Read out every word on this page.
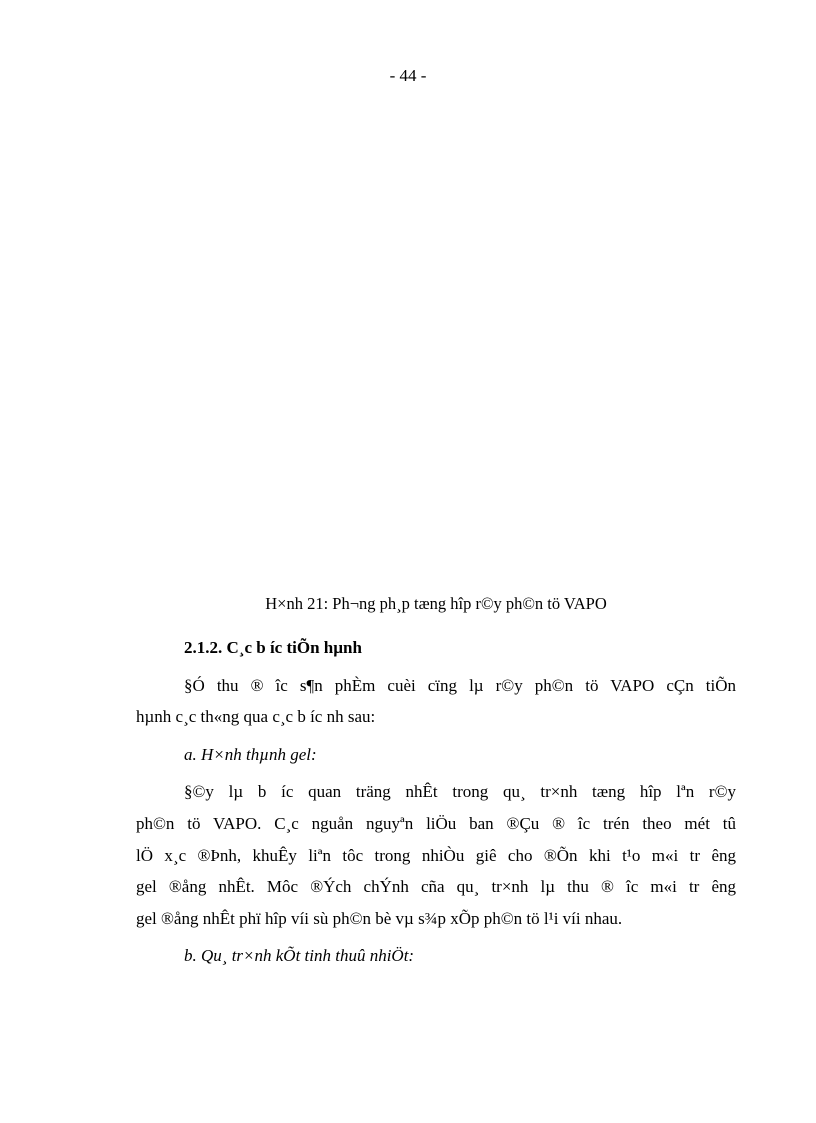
- 44 -
H×nh 21: Ph¬ng ph¸p tæng hîp r©y ph©n tö VAPO
2.1.2. C¸c b íc tiÕn hµnh
§Ó thu ® îc s¶n phÈm cuèi cïng lµ r©y ph©n tö VAPO cÇn tiÕn
hµnh c¸c th«ng qua c¸c b íc nh sau:
a. H×nh thµnh gel:
§©y lµ b íc quan träng nhÊt trong qu¸ tr×nh tæng hîp lªn r©y
ph©n tö VAPO. C¸c nguån nguyªn liÖu ban ®Çu ® îc trén theo mét tû
lÖ x¸c ®Þnh, khuÊy liªn tôc trong nhiÒu giê cho ®Õn khi t¹o m«i tr êng
gel ®ång nhÊt. Môc ®Ých chÝnh cña qu¸ tr×nh lµ thu ® îc m«i tr êng
gel ®ång nhÊt phï hîp víi sù ph©n bè vµ s¾p xÕp ph©n tö l¹i víi nhau.
b. Qu¸ tr×nh kÕt tinh thuû nhiÖt:
